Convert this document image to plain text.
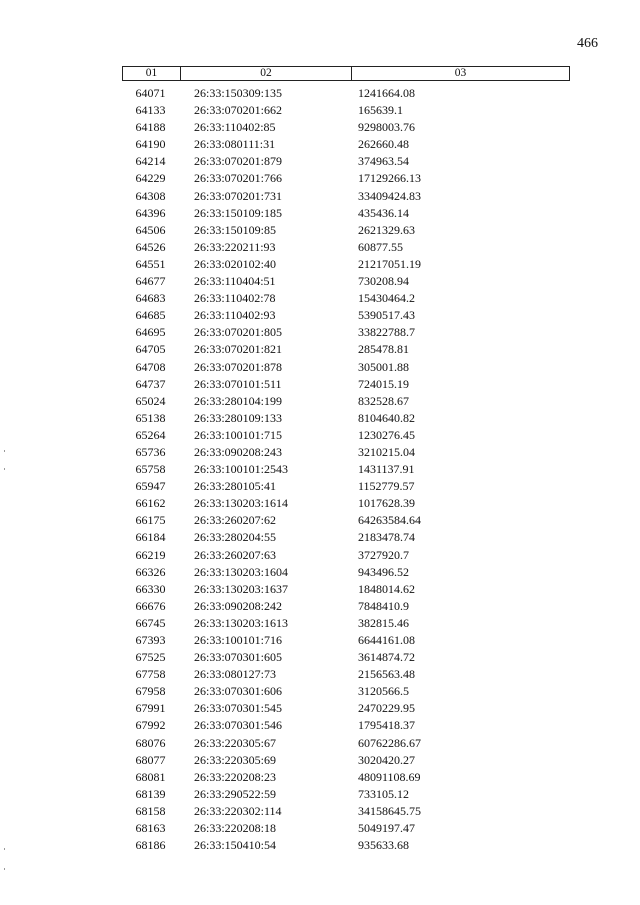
466
01	02	03
64071	26:33:150309:135	1241664.08
64133	26:33:070201:662	165639.1
64188	26:33:110402:85	9298003.76
64190	26:33:080111:31	262660.48
64214	26:33:070201:879	374963.54
64229	26:33:070201:766	17129266.13
64308	26:33:070201:731	33409424.83
64396	26:33:150109:185	435436.14
64506	26:33:150109:85	2621329.63
64526	26:33:220211:93	60877.55
64551	26:33:020102:40	21217051.19
64677	26:33:110404:51	730208.94
64683	26:33:110402:78	15430464.2
64685	26:33:110402:93	5390517.43
64695	26:33:070201:805	33822788.7
64705	26:33:070201:821	285478.81
64708	26:33:070201:878	305001.88
64737	26:33:070101:511	724015.19
65024	26:33:280104:199	832528.67
65138	26:33:280109:133	8104640.82
65264	26:33:100101:715	1230276.45
65736	26:33:090208:243	3210215.04
65758	26:33:100101:2543	1431137.91
65947	26:33:280105:41	1152779.57
66162	26:33:130203:1614	1017628.39
66175	26:33:260207:62	64263584.64
66184	26:33:280204:55	2183478.74
66219	26:33:260207:63	3727920.7
66326	26:33:130203:1604	943496.52
66330	26:33:130203:1637	1848014.62
66676	26:33:090208:242	7848410.9
66745	26:33:130203:1613	382815.46
67393	26:33:100101:716	6644161.08
67525	26:33:070301:605	3614874.72
67758	26:33:080127:73	2156563.48
67958	26:33:070301:606	3120566.5
67991	26:33:070301:545	2470229.95
67992	26:33:070301:546	1795418.37
68076	26:33:220305:67	60762286.67
68077	26:33:220305:69	3020420.27
68081	26:33:220208:23	48091108.69
68139	26:33:290522:59	733105.12
68158	26:33:220302:114	34158645.75
68163	26:33:220208:18	5049197.47
68186	26:33:150410:54	935633.68
